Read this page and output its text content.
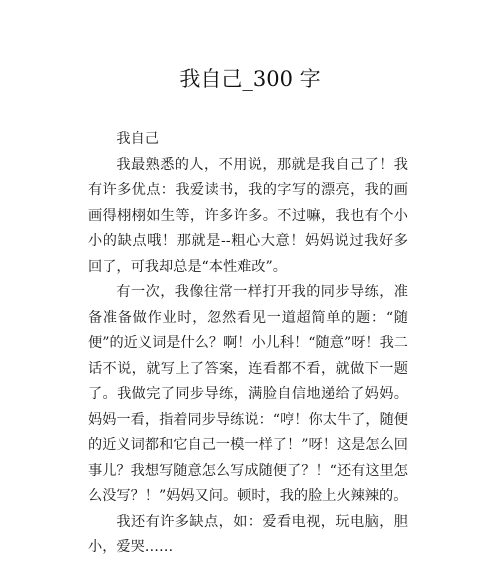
我自己_300 字

我自己

我最熟悉的人，不用说，那就是我自己了！我有许多优点：我爱读书，我的字写的漂亮，我的画画得栩栩如生等，许多许多。不过嘛，我也有个小小的缺点哦！那就是--粗心大意！妈妈说过我好多回了，可我却总是“本性难改”。

有一次，我像往常一样打开我的同步导练，准备准备做作业时，忽然看见一道超简单的题：“随便”的近义词是什么？啊！小儿科！“随意”呀！我二话不说，就写上了答案，连看都不看，就做下一题了。我做完了同步导练，满脸自信地递给了妈妈。妈妈一看，指着同步导练说：“哼！你太牛了，随便的近义词都和它自己一模一样了！”呀！这是怎么回事儿？我想写随意怎么写成随便了？！“还有这里怎么没写？！”妈妈又问。顿时，我的脸上火辣辣的。

我还有许多缺点，如：爱看电视，玩电脑，胆小，爱哭……
